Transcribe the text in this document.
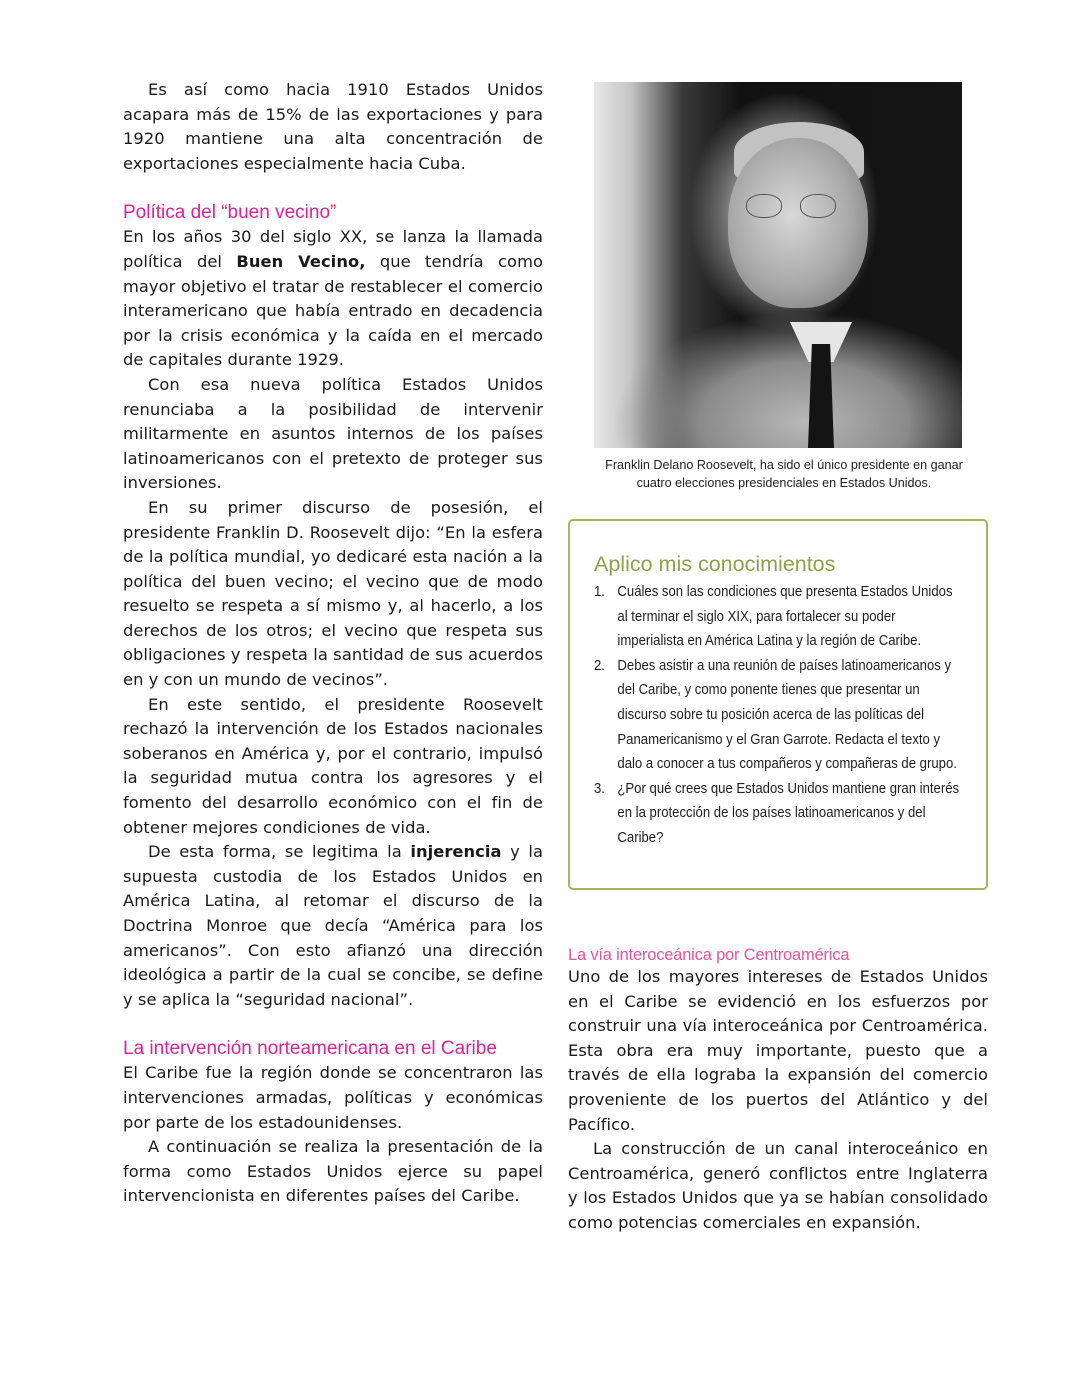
Es así como hacia 1910 Estados Unidos acapara más de 15% de las exportaciones y para 1920 mantiene una alta concentración de exportaciones especialmente hacia Cuba.

Política del “buen vecino”

En los años 30 del siglo XX, se lanza la llamada política del Buen Vecino, que tendría como mayor objetivo el tratar de restablecer el comercio interamericano que había entrado en decadencia por la crisis económica y la caída en el mercado de capitales durante 1929.

Con esa nueva política Estados Unidos renunciaba a la posibilidad de intervenir militarmente en asuntos internos de los países latinoamericanos con el pretexto de proteger sus inversiones.

En su primer discurso de posesión, el presidente Franklin D. Roosevelt dijo: “En la esfera de la política mundial, yo dedicaré esta nación a la política del buen vecino; el vecino que de modo resuelto se respeta a sí mismo y, al hacerlo, a los derechos de los otros; el vecino que respeta sus obligaciones y respeta la santidad de sus acuerdos en y con un mundo de vecinos”.

En este sentido, el presidente Roosevelt rechazó la intervención de los Estados nacionales soberanos en América y, por el contrario, impulsó la seguridad mutua contra los agresores y el fomento del desarrollo económico con el fin de obtener mejores condiciones de vida.

De esta forma, se legitima la injerencia y la supuesta custodia de los Estados Unidos en América Latina, al retomar el discurso de la Doctrina Monroe que decía “América para los americanos”. Con esto afianzó una dirección ideológica a partir de la cual se concibe, se define y se aplica la “seguridad nacional”.

La intervención norteamericana en el Caribe

El Caribe fue la región donde se concentraron las intervenciones armadas, políticas y económicas por parte de los estadounidenses.

A continuación se realiza la presentación de la forma como Estados Unidos ejerce su papel intervencionista en diferentes países del Caribe.

Franklin Delano Roosevelt, ha sido el único presidente en ganar cuatro elecciones presidenciales en Estados Unidos.

Aplico mis conocimientos
1. Cuáles son las condiciones que presenta Estados Unidos al terminar el siglo XIX, para fortalecer su poder imperialista en América Latina y la región de Caribe.
2. Debes asistir a una reunión de países latinoamericanos y del Caribe, y como ponente tienes que presentar un discurso sobre tu posición acerca de las políticas del Panamericanismo y el Gran Garrote. Redacta el texto y dalo a conocer a tus compañeros y compañeras de grupo.
3. ¿Por qué crees que Estados Unidos mantiene gran interés en la protección de los países latinoamericanos y del Caribe?
La vía interoceánica por Centroamérica

Uno de los mayores intereses de Estados Unidos en el Caribe se evidenció en los esfuerzos por construir una vía interoceánica por Centroamérica. Esta obra era muy importante, puesto que a través de ella lograba la expansión del comercio proveniente de los puertos del Atlántico y del Pacífico.

La construcción de un canal interoceánico en Centroamérica, generó conflictos entre Inglaterra y los Estados Unidos que ya se habían consolidado como potencias comerciales en expansión.
